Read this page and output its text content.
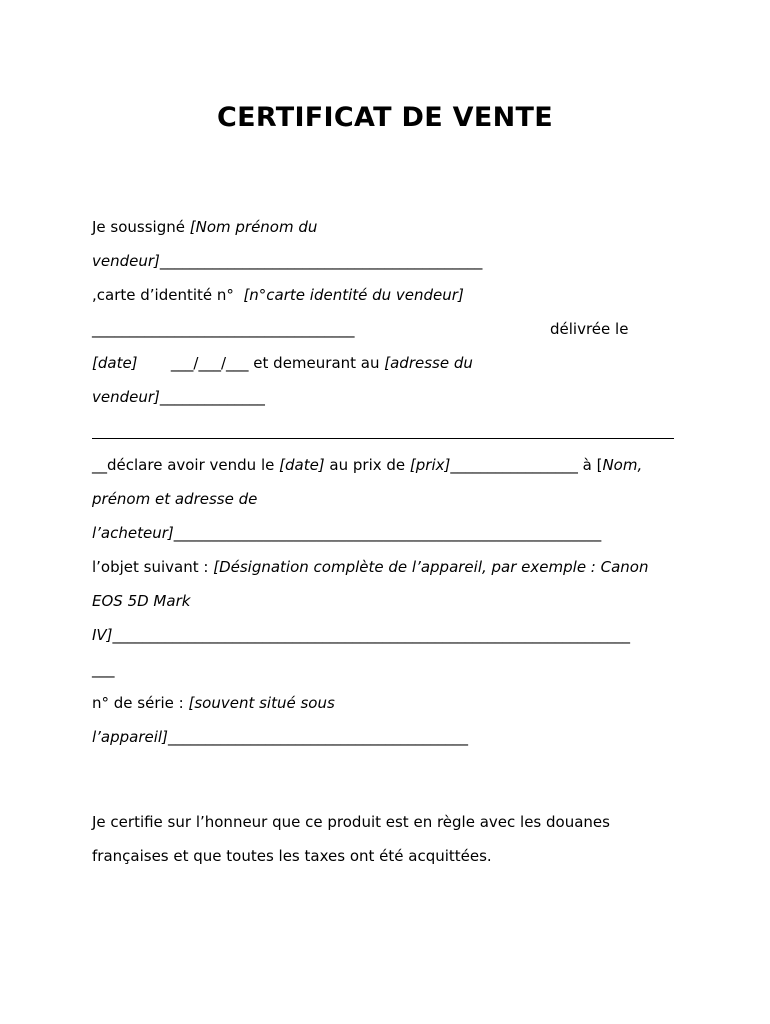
CERTIFICAT DE VENTE

Je soussigné [Nom prénom du

vendeur]___________________________________________

,carte d’identité n°  [n°carte identité du vendeur]

___________________________________	délivrée le

[date]       ___/___/___ et demeurant au [adresse du

vendeur]______________

__déclare avoir vendu le [date] au prix de [prix]_________________ à [Nom,

prénom et adresse de

l’acheteur]_________________________________________________________

l’objet suivant : [Désignation complète de l’appareil, par exemple : Canon

EOS 5D Mark

IV]_____________________________________________________________________

___

n° de série : [souvent situé sous

l’appareil]________________________________________

Je certifie sur l’honneur que ce produit est en règle avec les douanes

françaises et que toutes les taxes ont été acquittées.
